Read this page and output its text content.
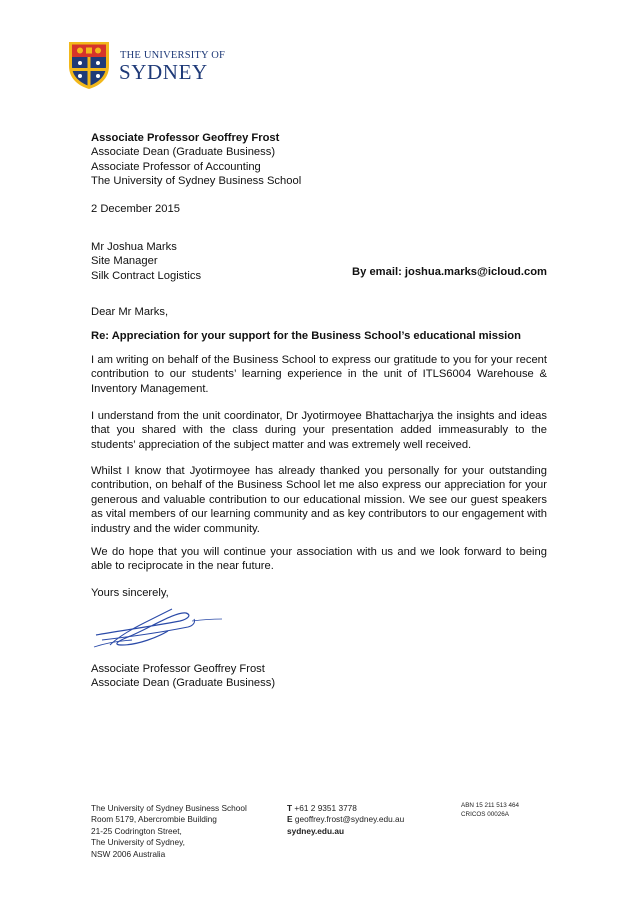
THE UNIVERSITY OF
SYDNEY
Associate Professor Geoffrey Frost
Associate Dean (Graduate Business)
Associate Professor of Accounting
The University of Sydney Business School
2 December 2015
Mr Joshua Marks
Site Manager
Silk Contract Logistics	By email: joshua.marks@icloud.com
Dear Mr Marks,
Re: Appreciation for your support for the Business School’s educational mission
I am writing on behalf of the Business School to express our gratitude to you for your recent contribution to our students’ learning experience in the unit of ITLS6004 Warehouse & Inventory Management.
I understand from the unit coordinator, Dr Jyotirmoyee Bhattacharjya the insights and ideas that you shared with the class during your presentation added immeasurably to the students’ appreciation of the subject matter and was extremely well received.
Whilst I know that Jyotirmoyee has already thanked you personally for your outstanding contribution, on behalf of the Business School let me also express our appreciation for your generous and valuable contribution to our educational mission. We see our guest speakers as vital members of our learning community and as key contributors to our engagement with industry and the wider community.
We do hope that you will continue your association with us and we look forward to being able to reciprocate in the near future.
Yours sincerely,
Associate Professor Geoffrey Frost
Associate Dean (Graduate Business)
The University of Sydney Business School
Room 5179, Abercrombie Building
21-25 Codrington Street,
The University of Sydney,
NSW 2006 Australia
T +61 2 9351 3778
E geoffrey.frost@sydney.edu.au
sydney.edu.au
ABN 15 211 513 464
CRICOS 00026A
